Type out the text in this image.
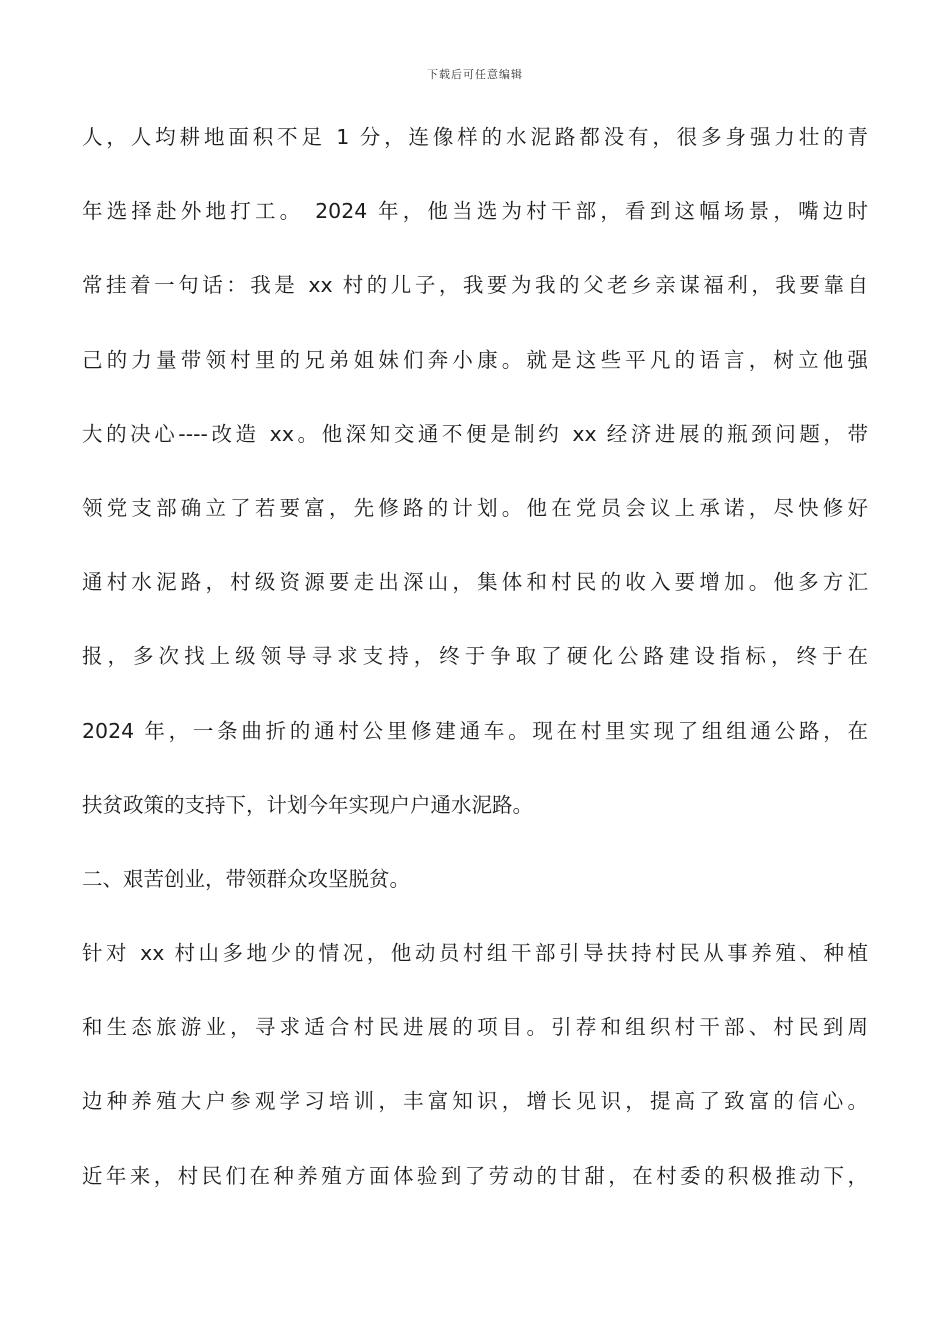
下载后可任意编辑
人，人均耕地面积不足 1 分，连像样的水泥路都没有，很多身强力壮的青
年选择赴外地打工。 2024 年，他当选为村干部，看到这幅场景，嘴边时
常挂着一句话：我是 xx 村的儿子，我要为我的父老乡亲谋福利，我要靠自
己的力量带领村里的兄弟姐妹们奔小康。就是这些平凡的语言，树立他强
大的决心----改造 xx。他深知交通不便是制约 xx 经济进展的瓶颈问题，带
领党支部确立了若要富，先修路的计划。他在党员会议上承诺，尽快修好
通村水泥路，村级资源要走出深山，集体和村民的收入要增加。他多方汇
报，多次找上级领导寻求支持，终于争取了硬化公路建设指标，终于在
2024 年，一条曲折的通村公里修建通车。现在村里实现了组组通公路，在
扶贫政策的支持下，计划今年实现户户通水泥路。
二、艰苦创业，带领群众攻坚脱贫。
针对 xx 村山多地少的情况，他动员村组干部引导扶持村民从事养殖、种植
和生态旅游业，寻求适合村民进展的项目。引荐和组织村干部、村民到周
边种养殖大户参观学习培训，丰富知识，增长见识，提高了致富的信心。
近年来，村民们在种养殖方面体验到了劳动的甘甜，在村委的积极推动下，
